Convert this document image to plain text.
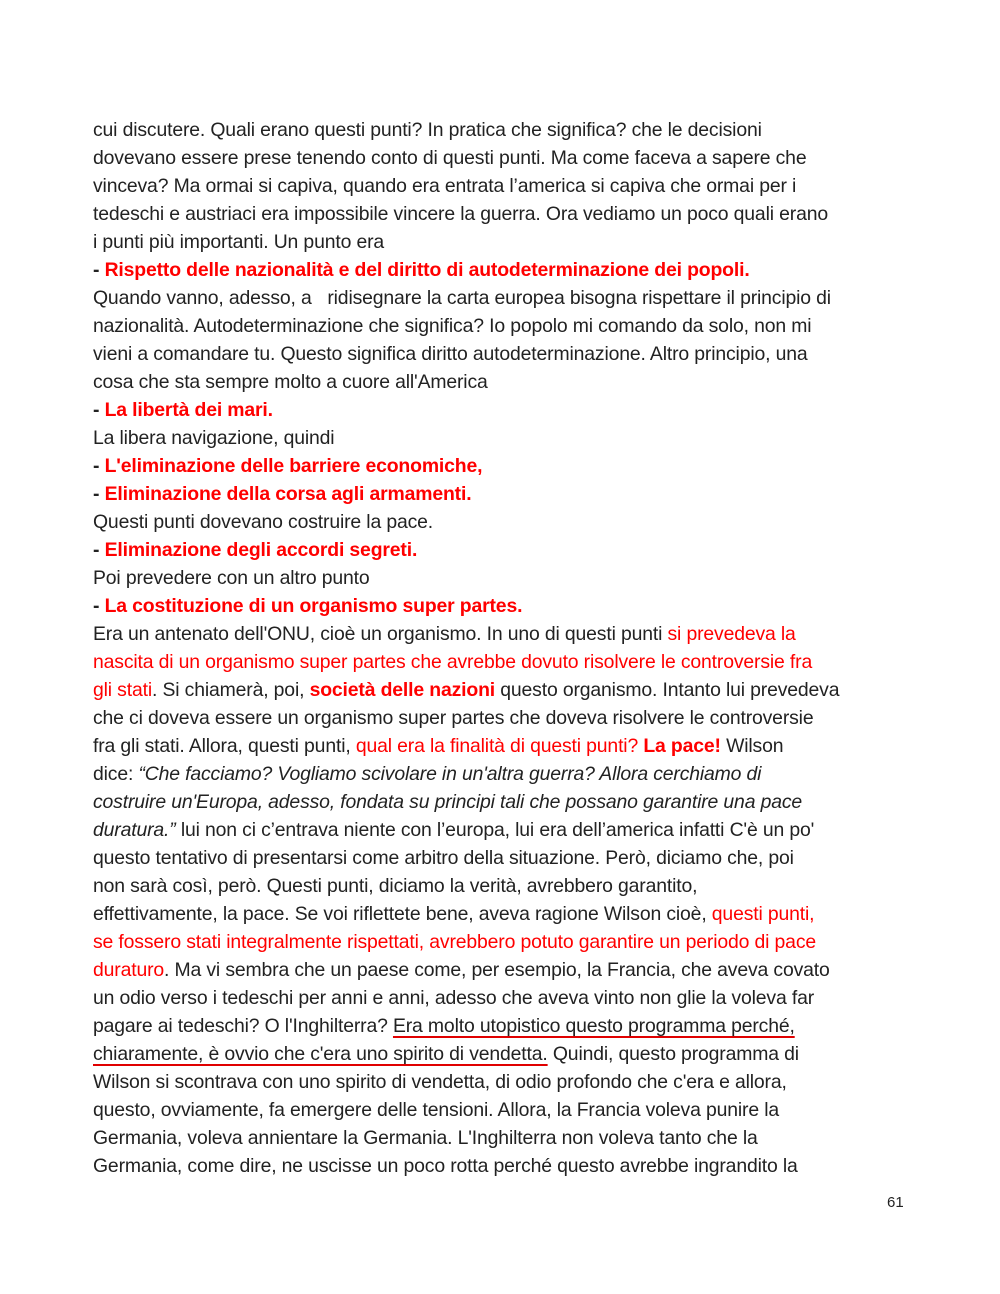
cui discutere. Quali erano questi punti? In pratica che significa? che le decisioni
dovevano essere prese tenendo conto di questi punti. Ma come faceva a sapere che
vinceva? Ma ormai si capiva, quando era entrata l’america si capiva che ormai per i
tedeschi e austriaci era impossibile vincere la guerra. Ora vediamo un poco quali erano
i punti più importanti. Un punto era
- Rispetto delle nazionalità e del diritto di autodeterminazione dei popoli.
Quando vanno, adesso, a   ridisegnare la carta europea bisogna rispettare il principio di
nazionalità. Autodeterminazione che significa? Io popolo mi comando da solo, non mi
vieni a comandare tu. Questo significa diritto autodeterminazione. Altro principio, una
cosa che sta sempre molto a cuore all'America
- La libertà dei mari.
La libera navigazione, quindi
- L'eliminazione delle barriere economiche,
- Eliminazione della corsa agli armamenti.
Questi punti dovevano costruire la pace.
- Eliminazione degli accordi segreti.
Poi prevedere con un altro punto
- La costituzione di un organismo super partes.
Era un antenato dell'ONU, cioè un organismo. In uno di questi punti si prevedeva la
nascita di un organismo super partes che avrebbe dovuto risolvere le controversie fra
gli stati. Si chiamerà, poi, società delle nazioni questo organismo. Intanto lui prevedeva
che ci doveva essere un organismo super partes che doveva risolvere le controversie
fra gli stati. Allora, questi punti, qual era la finalità di questi punti? La pace! Wilson
dice: “Che facciamo? Vogliamo scivolare in un'altra guerra? Allora cerchiamo di
costruire un'Europa, adesso, fondata su principi tali che possano garantire una pace
duratura.” lui non ci c’entrava niente con l’europa, lui era dell’america infatti C'è un po'
questo tentativo di presentarsi come arbitro della situazione. Però, diciamo che, poi
non sarà così, però. Questi punti, diciamo la verità, avrebbero garantito,
effettivamente, la pace. Se voi riflettete bene, aveva ragione Wilson cioè, questi punti,
se fossero stati integralmente rispettati, avrebbero potuto garantire un periodo di pace
duraturo. Ma vi sembra che un paese come, per esempio, la Francia, che aveva covato
un odio verso i tedeschi per anni e anni, adesso che aveva vinto non glie la voleva far
pagare ai tedeschi? O l'Inghilterra? Era molto utopistico questo programma perché,
chiaramente, è ovvio che c'era uno spirito di vendetta. Quindi, questo programma di
Wilson si scontrava con uno spirito di vendetta, di odio profondo che c'era e allora,
questo, ovviamente, fa emergere delle tensioni. Allora, la Francia voleva punire la
Germania, voleva annientare la Germania. L'Inghilterra non voleva tanto che la
Germania, come dire, ne uscisse un poco rotta perché questo avrebbe ingrandito la
61
